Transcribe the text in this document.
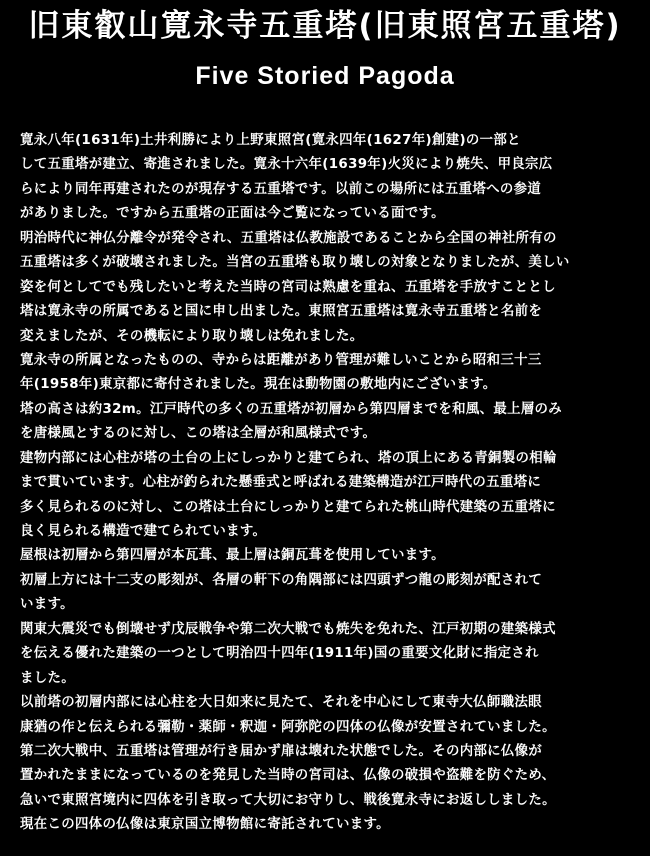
旧東叡山寛永寺五重塔(旧東照宮五重塔)
Five Storied Pagoda
寛永八年(1631年)土井利勝により上野東照宮(寛永四年(1627年)創建)の一部と
して五重塔が建立、寄進されました。寛永十六年(1639年)火災により焼失、甲良宗広
らにより同年再建されたのが現存する五重塔です。以前この場所には五重塔への参道
がありました。ですから五重塔の正面は今ご覧になっている面です。
明治時代に神仏分離令が発令され、五重塔は仏教施設であることから全国の神社所有の
五重塔は多くが破壊されました。当宮の五重塔も取り壊しの対象となりましたが、美しい
姿を何としてでも残したいと考えた当時の宮司は熟慮を重ね、五重塔を手放すこととし
塔は寛永寺の所属であると国に申し出ました。東照宮五重塔は寛永寺五重塔と名前を
変えましたが、その機転により取り壊しは免れました。
寛永寺の所属となったものの、寺からは距離があり管理が難しいことから昭和三十三
年(1958年)東京都に寄付されました。現在は動物園の敷地内にございます。
塔の高さは約32m。江戸時代の多くの五重塔が初層から第四層までを和風、最上層のみ
を唐様風とするのに対し、この塔は全層が和風様式です。
建物内部には心柱が塔の土台の上にしっかりと建てられ、塔の頂上にある青銅製の相輪
まで貫いています。心柱が釣られた懸垂式と呼ばれる建築構造が江戸時代の五重塔に
多く見られるのに対し、この塔は土台にしっかりと建てられた桃山時代建築の五重塔に
良く見られる構造で建てられています。
屋根は初層から第四層が本瓦葺、最上層は銅瓦葺を使用しています。
初層上方には十二支の彫刻が、各層の軒下の角隅部には四頭ずつ龍の彫刻が配されて
います。
関東大震災でも倒壊せず戊辰戦争や第二次大戦でも焼失を免れた、江戸初期の建築様式
を伝える優れた建築の一つとして明治四十四年(1911年)国の重要文化財に指定され
ました。
以前塔の初層内部には心柱を大日如来に見たて、それを中心にして東寺大仏師職法眼
康猶の作と伝えられる彌勒・薬師・釈迦・阿弥陀の四体の仏像が安置されていました。
第二次大戦中、五重塔は管理が行き届かず扉は壊れた状態でした。その内部に仏像が
置かれたままになっているのを発見した当時の宮司は、仏像の破損や盗難を防ぐため、
急いで東照宮境内に四体を引き取って大切にお守りし、戦後寛永寺にお返ししました。
現在この四体の仏像は東京国立博物館に寄託されています。
